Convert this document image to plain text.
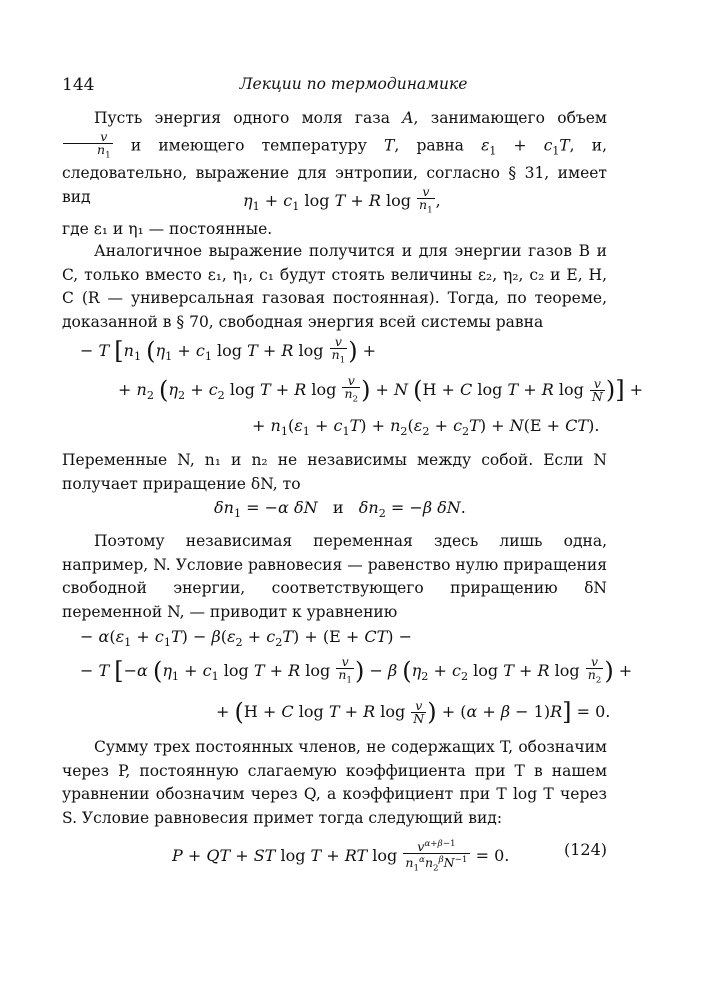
144	Лекции по термодинамике

Пусть энергия одного моля газа A, занимающего объем
$\frac{v}{n_1}$ и имеющего температуру T, равна $\varepsilon_1 + c_1T$, и, следовательно, выражение для энтропии, согласно § 31, имеет вид	$\eta_1 + c_1$ log T + R $\log \frac{v}{n_1}$ ,

где ε₁ и η₁ — постоянные.

Аналогичное выражение получится и для энергии газов B и C, только вместо ε₁, η₁, c₁ будут стоять величины ε₂, η₂, c₂ и E, H, C (R — универсальная газовая постоянная). Тогда, по теореме, доказанной в § 70, свободная энергия всей системы равна

− T [$n_1$ ($\eta_1 + c_1$ log T + R $\log \frac{v}{n_1}$ ) +
+ $n_2$ ($\eta_2 + c_2$ log T + R $\log \frac{v}{n_2}$ ) + N (H + C log T + R $\log \frac{v}{N}$ )] +
+ $n_1(\varepsilon_1 + c_1T) + n_2(\varepsilon_2 + c_2T) + N(E + CT)$.

Переменные N, n₁ и n₂ не независимы между собой. Если N получает приращение δN, то

$\delta n_1 = -\alpha$ δN и $\delta n_2 = -\beta$ δN.

Поэтому независимая переменная здесь лишь одна, например, N. Условие равновесия — равенство нулю приращения свободной энергии, соответствующего приращению δN переменной N, — приводит к уравнению

− $\alpha(\varepsilon_1 + c_1T) - \beta(\varepsilon_2 + c_2T) + (E + CT)$ −
− T [−α ($\eta_1 + c_1$ log T + R $\log \frac{v}{n_1}$ ) − β ($\eta_2 + c_2$ log T + R $\log \frac{v}{n_2}$ ) +
+ (H + C log T + R $\log \frac{v}{N}$ ) + (α + β − 1)R] = 0.

Сумму трех постоянных членов, не содержащих T, обозначим через P, постоянную слагаемую коэффициента при T в нашем уравнении обозначим через Q, а коэффициент при T log T через S. Условие равновесия примет тогда следующий вид:

P + QT + ST log T + RT $\log \frac{v^{\alpha+\beta-1}}{n_1^\alpha n_2^\beta N^{-1}} = 0$.	(124)
